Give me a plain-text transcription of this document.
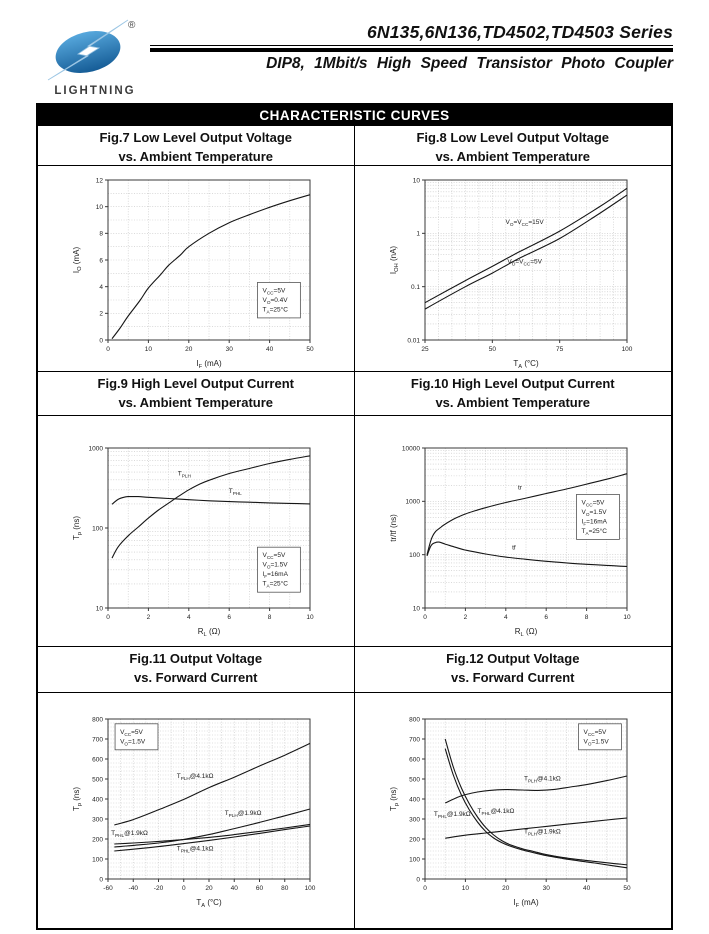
®
LIGHTNING
6N135,6N136,TD4502,TD4503 Series
DIP8, 1Mbit/s High Speed Transistor Photo Coupler
CHARACTERISTIC CURVES
Fig.7 Low Level Output Voltage
vs. Ambient Temperature
Fig.8 Low Level Output Voltage
vs. Ambient Temperature
0	10	20	30	40	50
0
2
4
6
8
10
12
$I_F$ (mA)
$I_O$ (mA)
$V_{CC}=5V$
$V_O=0.4V$
$T_A=25^\circ C$
25	50	75	100
0.01
0.1
1
10
$T_A$ (°C)
$I_{OH}$ (nA)
$V_O=V_{CC}=15V$
$V_O=V_{CC}=5V$
Fig.9 High Level Output Current
vs. Ambient Temperature
Fig.10 High Level Output Current
vs. Ambient Temperature
0	2	4	6	8	10
10
100
1000
$R_L$ (Ω)
$T_p$ (ns)
$T_{PLH}$
$T_{PHL}$
$V_{CC}=5V$
$V_O=1.5V$
$I_F=16mA$
$T_A=25^\circ C$
0	2	4	6	8	10
10
100
1000
10000
$R_L$ (Ω)
tr/tf (ns)
tr
tf
$V_{CC}=5V$
$V_O=1.5V$
$I_F=16mA$
$T_A=25^\circ C$
Fig.11 Output Voltage
vs. Forward Current
Fig.12 Output Voltage
vs. Forward Current
-60 -40 -20	0	20	40	60	80 100
0
100
200
300
400
500
600
700
800
$T_A$ (°C)
$T_p$ (ns)
$T_{PLH}@4.1k\Omega$
$T_{PLH}@1.9k\Omega$
$T_{PHL}@1.9k\Omega$
$T_{PHL}@4.1k\Omega$
$V_{CC}=5V$
$V_O=1.5V$
0	10	20	30	40	50
0
100
200
300
400
500
600
700
800
$I_F$ (mA)
$T_p$ (ns)
$T_{PHL}@1.9k\Omega$ $T_{PHL}@4.1k\Omega$
$T_{PLH}@4.1k\Omega$
$T_{PLH}@1.9k\Omega$
$V_{CC}=5V$
$V_O=1.5V$
